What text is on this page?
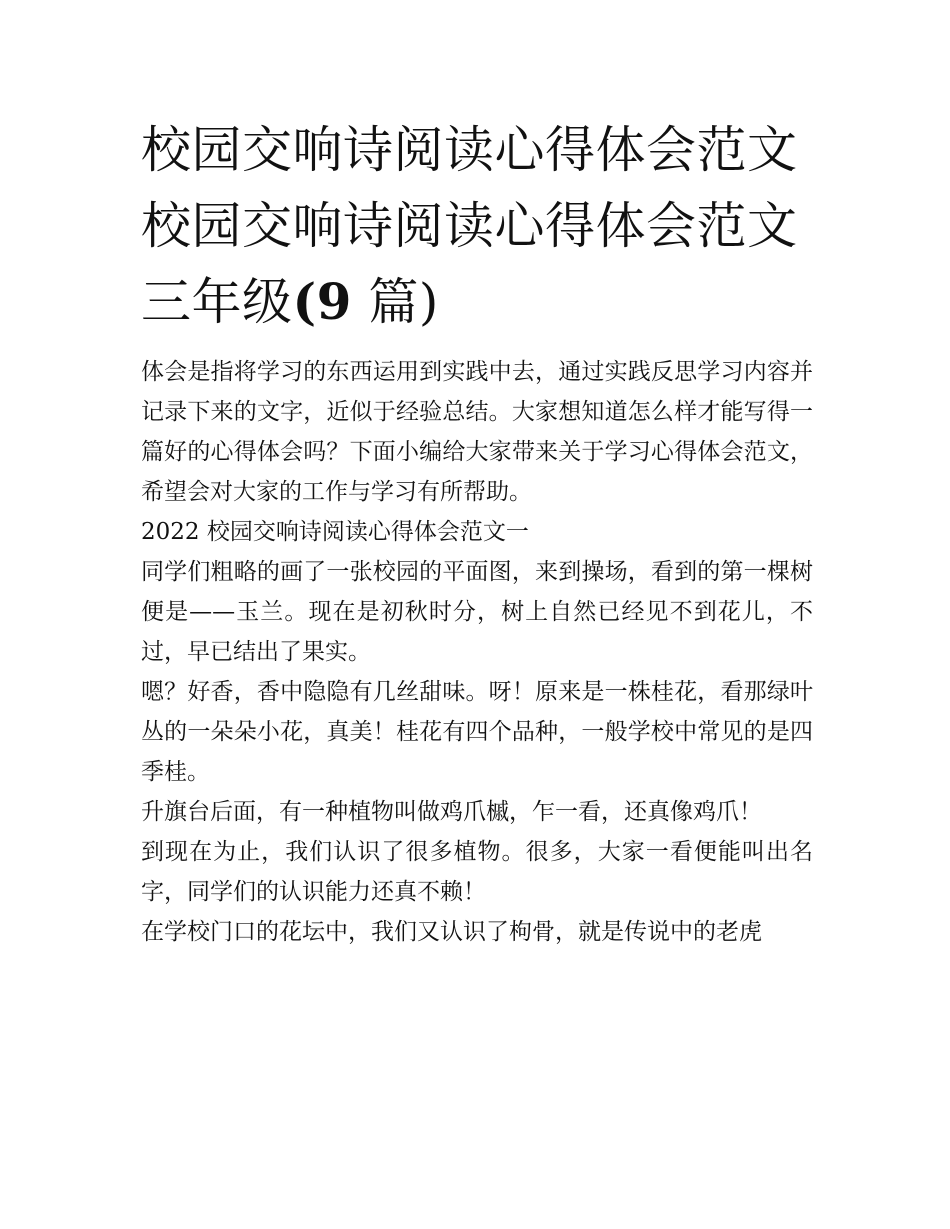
校园交响诗阅读心得体会范文
校园交响诗阅读心得体会范文
三年级(9 篇)

体会是指将学习的东西运用到实践中去，通过实践反思学习内容并记录下来的文字，近似于经验总结。大家想知道怎么样才能写得一篇好的心得体会吗？下面小编给大家带来关于学习心得体会范文，希望会对大家的工作与学习有所帮助。

2022 校园交响诗阅读心得体会范文一

同学们粗略的画了一张校园的平面图，来到操场，看到的第一棵树便是——玉兰。现在是初秋时分，树上自然已经见不到花儿，不过，早已结出了果实。

嗯？好香，香中隐隐有几丝甜味。呀！原来是一株桂花，看那绿叶丛的一朵朵小花，真美！桂花有四个品种，一般学校中常见的是四季桂。

升旗台后面，有一种植物叫做鸡爪槭，乍一看，还真像鸡爪！

到现在为止，我们认识了很多植物。很多，大家一看便能叫出名字，同学们的认识能力还真不赖！

在学校门口的花坛中，我们又认识了枸骨，就是传说中的老虎
